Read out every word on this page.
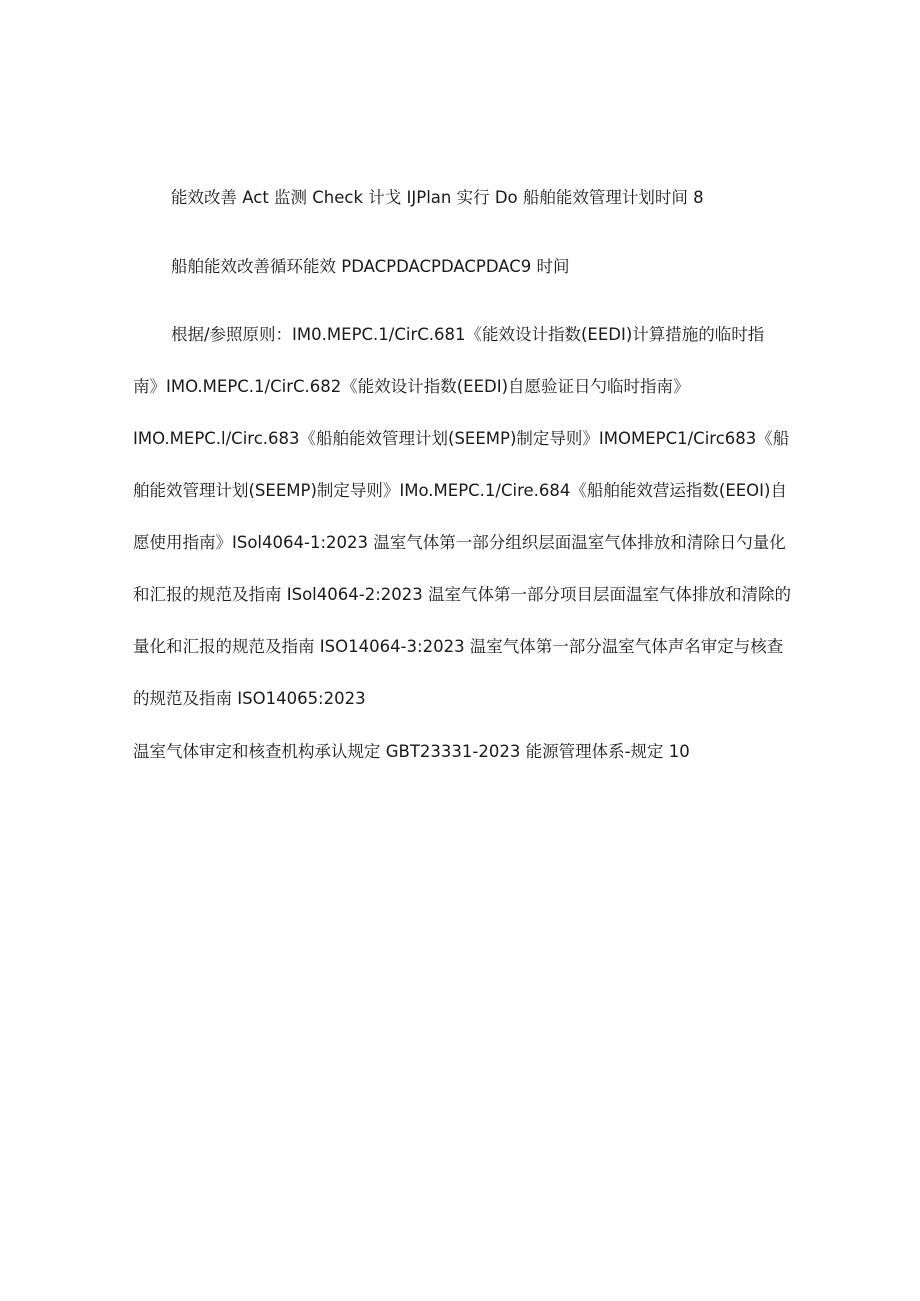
能效改善 Act 监测 Check 计戈 IJPlan 实行 Do 船舶能效管理计划时间 8
船舶能效改善循环能效 PDACPDACPDACPDAC9 时间
根据/参照原则：IM0.MEPC.1/CirC.681《能效设计指数(EEDI)计算措施的临时指
南》IMO.MEPC.1/CirC.682《能效设计指数(EEDI)自愿验证日勺临时指南》
IMO.MEPC.l/Circ.683《船舶能效管理计划(SEEMP)制定导则》IMOMEPC1/Circ683《船
舶能效管理计划(SEEMP)制定导则》IMo.MEPC.1/Cire.684《船舶能效营运指数(EEOI)自
愿使用指南》ISol4064-1:2023 温室气体第一部分组织层面温室气体排放和清除日勺量化
和汇报的规范及指南 ISol4064-2:2023 温室气体第一部分项目层面温室气体排放和清除的
量化和汇报的规范及指南 ISO14064-3:2023 温室气体第一部分温室气体声名审定与核查
的规范及指南 ISO14065:2023
温室气体审定和核查机构承认规定 GBT23331-2023 能源管理体系-规定 10
